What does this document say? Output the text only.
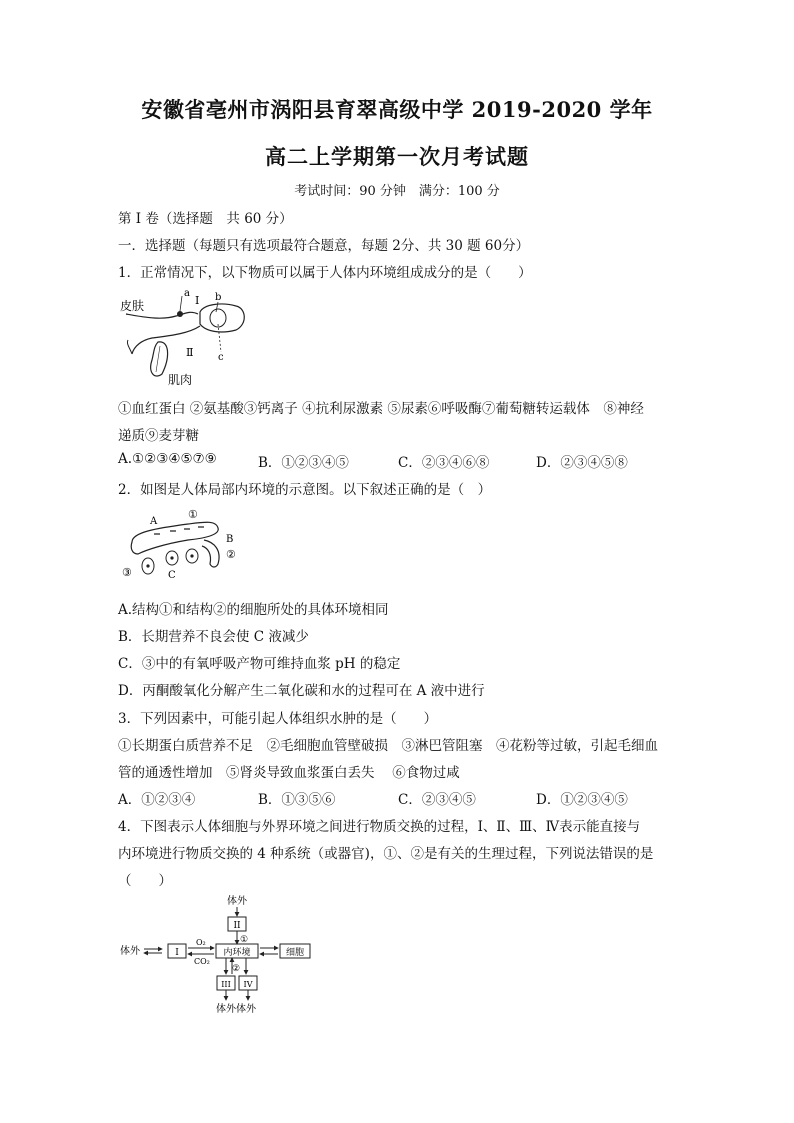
安徽省亳州市涡阳县育翠高级中学 2019-2020 学年
高二上学期第一次月考试题
考试时间：90 分钟　满分：100 分
第 I 卷（选择题　共 60 分）
一．选择题（每题只有选项最符合题意，每题 2分、共 30 题 60分）
1．正常情况下，以下物质可以属于人体内环境组成成分的是（　　）
皮肤
肌肉
a
I b
c
Ⅱ
①血红蛋白 ②氨基酸③钙离子 ④抗利尿激素 ⑤尿素⑥呼吸酶⑦葡萄糖转运载体　⑧神经
递质⑨麦芽糖
A.①②③④⑤⑦⑨	B．①②③④⑤	C．②③④⑥⑧	D．②③④⑤⑧
2．如图是人体局部内环境的示意图。以下叙述正确的是（　）
A
①
B
②
③	C
A.结构①和结构②的细胞所处的具体环境相同
B．长期营养不良会使 C 液减少
C．③中的有氧呼吸产物可维持血浆 pH 的稳定
D．丙酮酸氧化分解产生二氧化碳和水的过程可在 A 液中进行
3．下列因素中，可能引起人体组织水肿的是（　　）
①长期蛋白质营养不足　②毛细胞血管壁破损　③淋巴管阻塞　④花粉等过敏，引起毛细血
管的通透性增加　⑤肾炎导致血浆蛋白丢失　 ⑥食物过咸
A．①②③④	B．①③⑤⑥	C．②③④⑤	D．①②③④⑤
4．下图表示人体细胞与外界环境之间进行物质交换的过程，Ⅰ、Ⅱ、Ⅲ、Ⅳ表示能直接与
内环境进行物质交换的 4 种系统（或器官)，①、②是有关的生理过程，下列说法错误的是
（　　）
体外
II
①
体外	I
O₂
CO₂
内环境	细胞
②
III IV
体外体外
